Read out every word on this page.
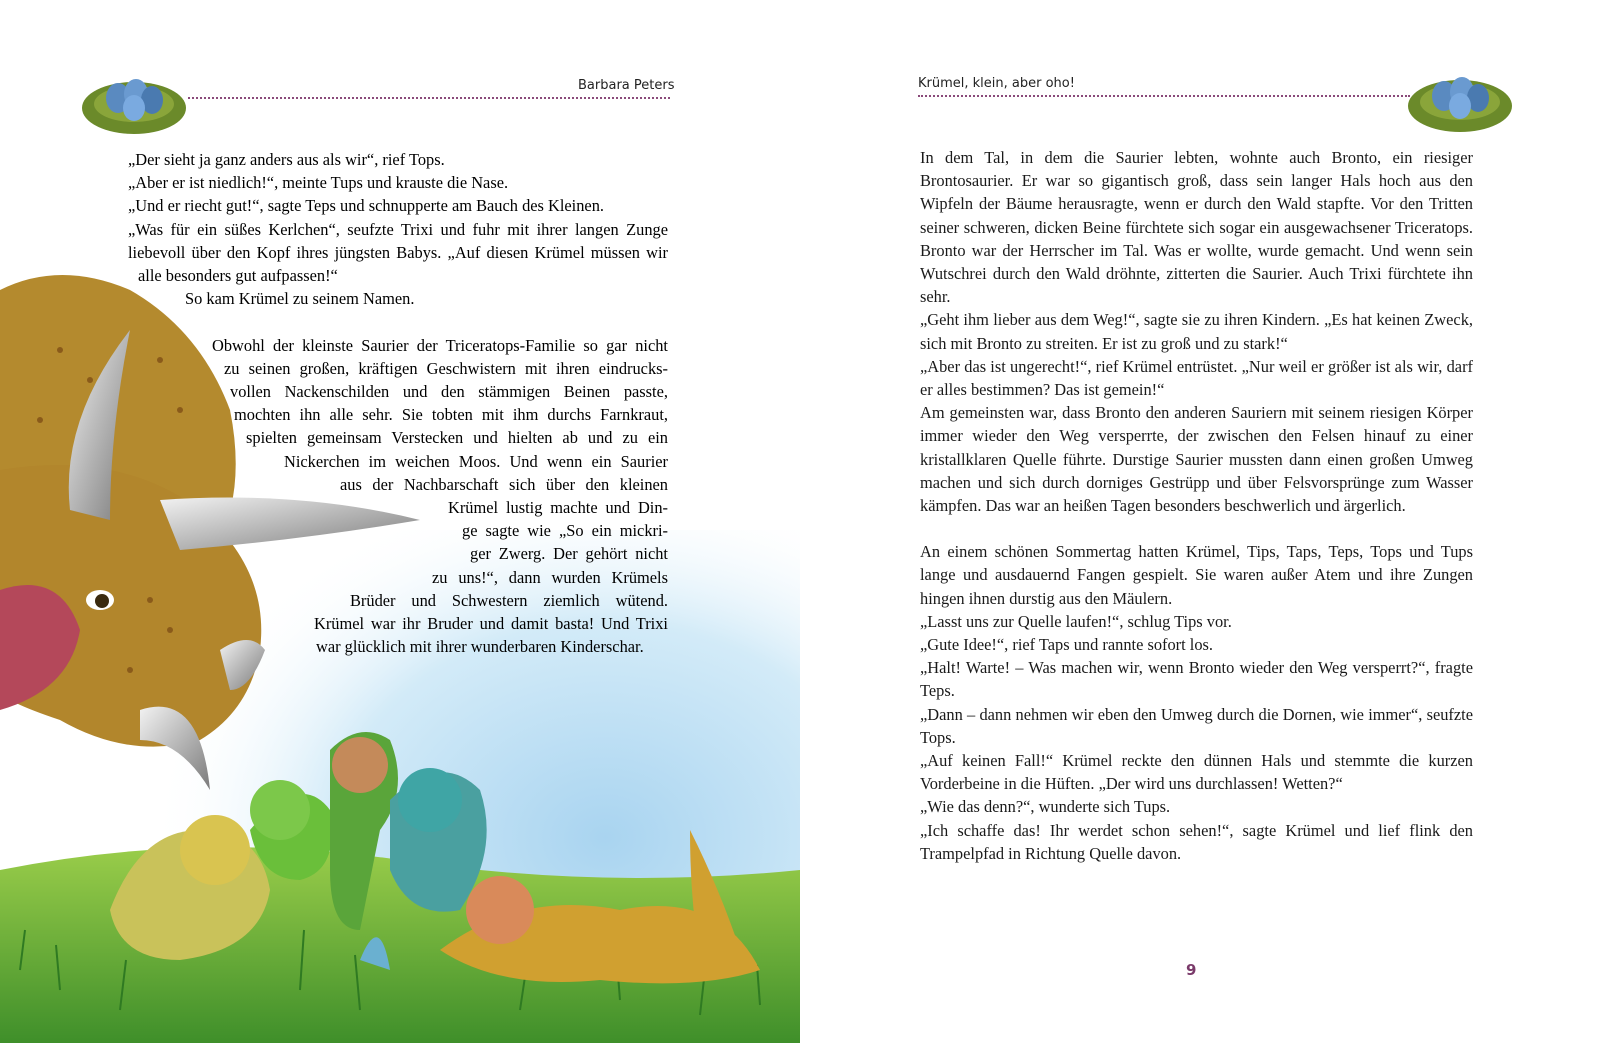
Barbara Peters
„Der sieht ja ganz anders aus als wir“, rief Tops.
„Aber er ist niedlich!“, meinte Tups und krauste die Nase.
„Und er riecht gut!“, sagte Teps und schnupperte am Bauch des Kleinen.
„Was für ein süßes Kerlchen“, seufzte Trixi und fuhr mit ihrer langen Zunge
liebevoll über den Kopf ihres jüngsten Babys. „Auf diesen Krümel müssen wir
alle besonders gut aufpassen!“
So kam Krümel zu seinem Namen.
Obwohl der kleinste Saurier der Triceratops-Familie so gar nicht
zu seinen großen, kräftigen Geschwistern mit ihren eindrucks-
vollen Nackenschilden und den stämmigen Beinen passte,
mochten ihn alle sehr. Sie tobten mit ihm durchs Farnkraut,
spielten gemeinsam Verstecken und hielten ab und zu ein
Nickerchen im weichen Moos. Und wenn ein Saurier
aus der Nachbarschaft sich über den kleinen
Krümel lustig machte und Din-
ge sagte wie „So ein mickri-
ger Zwerg. Der gehört nicht
zu uns!“, dann wurden Krümels
Brüder und Schwestern ziemlich wütend.
Krümel war ihr Bruder und damit basta! Und Trixi
war glücklich mit ihrer wunderbaren Kinderschar.
Krümel, klein, aber oho!

In dem Tal, in dem die Saurier lebten, wohnte auch Bronto, ein riesiger Brontosaurier. Er war so gigantisch groß, dass sein langer Hals hoch aus den Wipfeln der Bäume herausragte, wenn er durch den Wald stapfte. Vor den Tritten seiner schweren, dicken Beine fürchtete sich sogar ein ausgewachsener Triceratops. Bronto war der Herrscher im Tal. Was er wollte, wurde gemacht. Und wenn sein Wutschrei durch den Wald dröhnte, zitterten die Saurier. Auch Trixi fürchtete ihn sehr.

„Geht ihm lieber aus dem Weg!“, sagte sie zu ihren Kindern. „Es hat keinen Zweck, sich mit Bronto zu streiten. Er ist zu groß und zu stark!“

„Aber das ist ungerecht!“, rief Krümel entrüstet. „Nur weil er größer ist als wir, darf er alles bestimmen? Das ist gemein!“

Am gemeinsten war, dass Bronto den anderen Sauriern mit seinem riesigen Körper immer wieder den Weg versperrte, der zwischen den Felsen hinauf zu einer kristallklaren Quelle führte. Durstige Saurier mussten dann einen großen Umweg machen und sich durch dorniges Gestrüpp und über Felsvorsprünge zum Wasser kämpfen. Das war an heißen Tagen besonders beschwerlich und ärgerlich.

An einem schönen Sommertag hatten Krümel, Tips, Taps, Teps, Tops und Tups lange und ausdauernd Fangen gespielt. Sie waren außer Atem und ihre Zungen hingen ihnen durstig aus den Mäulern.

„Lasst uns zur Quelle laufen!“, schlug Tips vor.

„Gute Idee!“, rief Taps und rannte sofort los.

„Halt! Warte! – Was machen wir, wenn Bronto wieder den Weg versperrt?“, fragte Teps.

„Dann – dann nehmen wir eben den Umweg durch die Dornen, wie immer“, seufzte Tops.

„Auf keinen Fall!“ Krümel reckte den dünnen Hals und stemmte die kurzen Vorderbeine in die Hüften. „Der wird uns durchlassen! Wetten?“

„Wie das denn?“, wunderte sich Tups.

„Ich schaffe das! Ihr werdet schon sehen!“, sagte Krümel und lief flink den Trampelpfad in Richtung Quelle davon.

9
